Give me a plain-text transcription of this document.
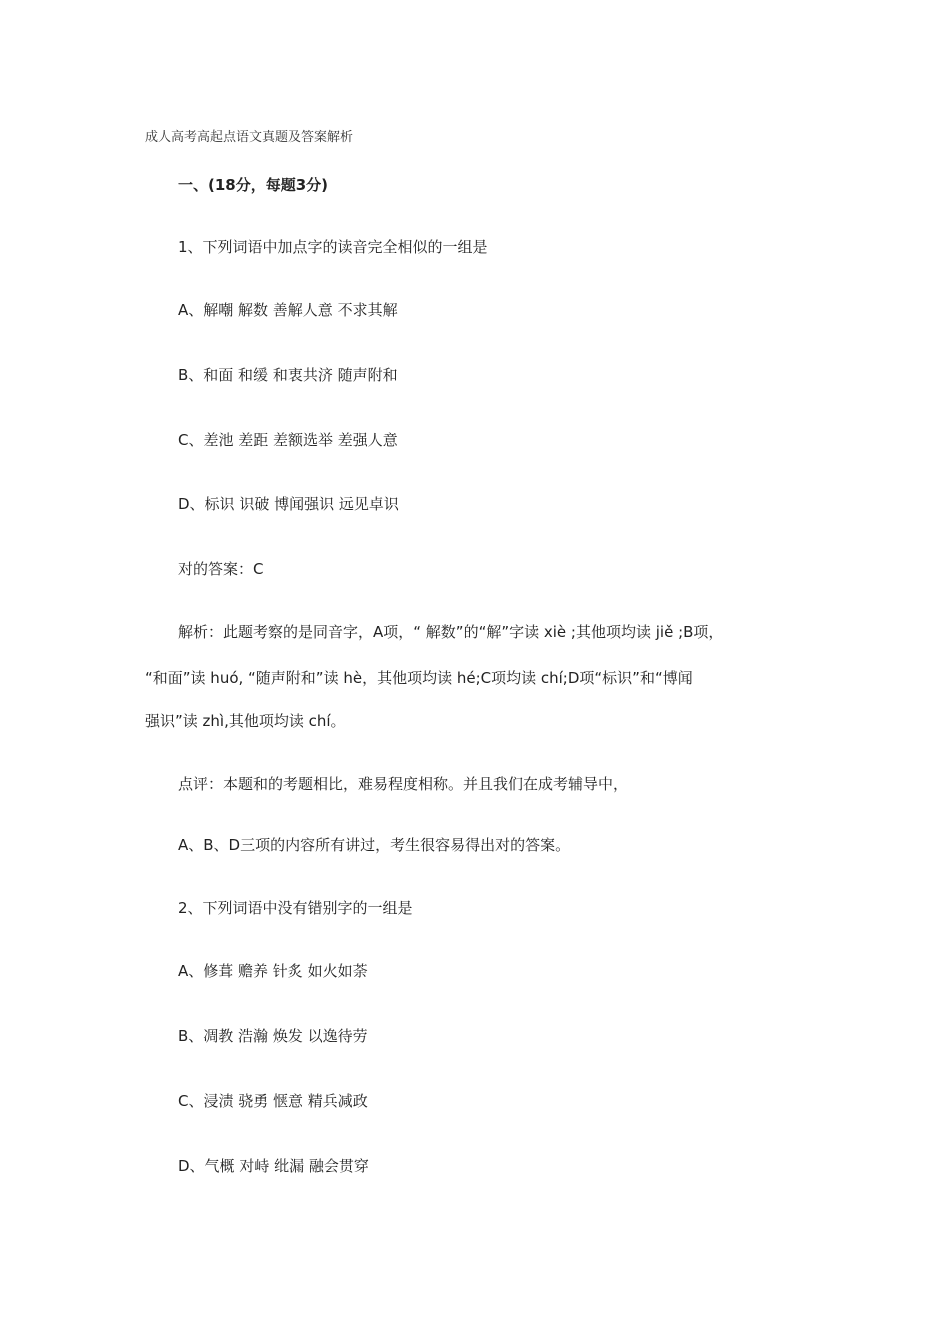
成人高考高起点语文真题及答案解析
一、(18分，每题3分)
1、下列词语中加点字的读音完全相似的一组是
A、解嘲 解数 善解人意 不求其解
B、和面 和缓 和衷共济 随声附和
C、差池 差距 差额选举 差强人意
D、标识 识破 博闻强识 远见卓识
对的答案：C
解析：此题考察的是同音字，A项，“ 解数”的“解”字读 xiè ;其他项均读 jiě ;B项，
“和面”读 huó, “随声附和”读 hè，其他项均读 hé;C项均读 chí;D项“标识”和“博闻
强识”读 zhì,其他项均读 chí。
点评：本题和的考题相比，难易程度相称。并且我们在成考辅导中，
A、B、D三项的内容所有讲过，考生很容易得出对的答案。
2、下列词语中没有错别字的一组是
A、修葺 赡养 针炙 如火如荼
B、凋教 浩瀚 焕发 以逸待劳
C、浸渍 骁勇 惬意 精兵减政
D、气概 对峙 纰漏 融会贯穿
